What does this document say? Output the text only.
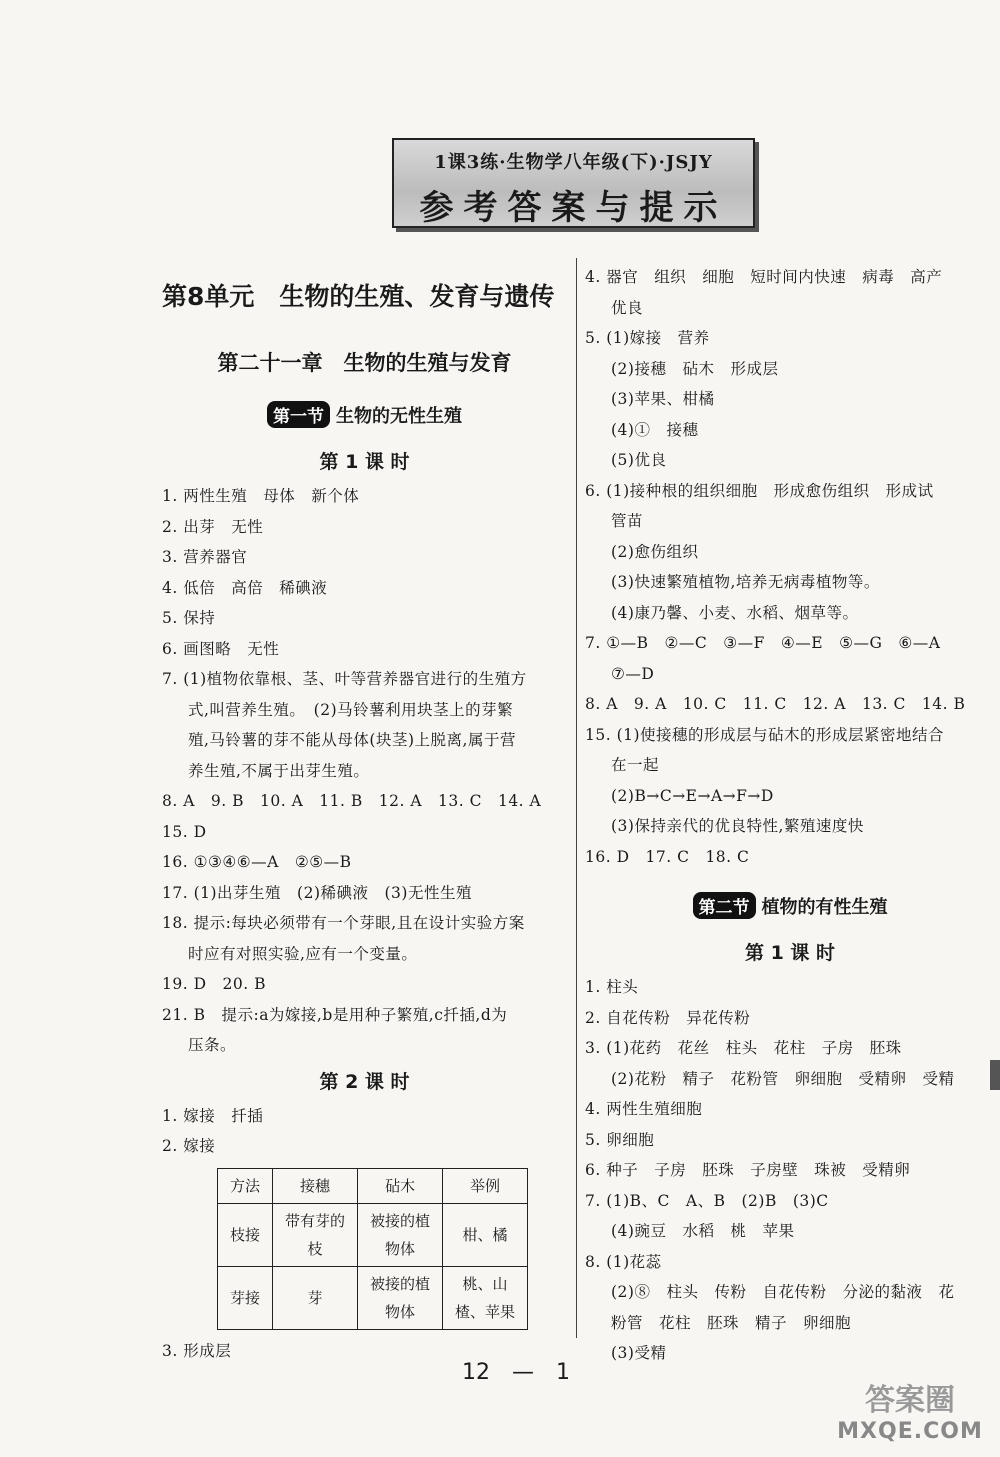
1课3练·生物学八年级(下)·JSJY
参考答案与提示
第8单元　生物的生殖、发育与遗传
第二十一章　生物的生殖与发育
第一节 生物的无性生殖
第 1 课 时
1. 两性生殖　母体　新个体
2. 出芽　无性
3. 营养器官
4. 低倍　高倍　稀碘液
5. 保持
6. 画图略　无性
7. (1)植物依靠根、茎、叶等营养器官进行的生殖方
式,叫营养生殖。　(2)马铃薯利用块茎上的芽繁
殖,马铃薯的芽不能从母体(块茎)上脱离,属于营
养生殖,不属于出芽生殖。
8. A　9. B　10. A　11. B　12. A　13. C　14. A
15. D
16. ①③④⑥—A　②⑤—B
17. (1)出芽生殖　(2)稀碘液　(3)无性生殖
18. 提示:每块必须带有一个芽眼,且在设计实验方案
时应有对照实验,应有一个变量。
19. D　20. B
21. B　提示:a为嫁接,b是用种子繁殖,c扦插,d为
压条。
第 2 课 时
1. 嫁接　扦插
2. 嫁接
方法	接穗	砧木	举例
枝接	带有芽的枝	被接的植物体	柑、橘
芽接	芽	被接的植物体	桃、山楂、苹果
3. 形成层
4. 器官　组织　细胞　短时间内快速　病毒　高产
优良
5. (1)嫁接　营养
(2)接穗　砧木　形成层
(3)苹果、柑橘
(4)①　接穗
(5)优良
6. (1)接种根的组织细胞　形成愈伤组织　形成试
管苗
(2)愈伤组织
(3)快速繁殖植物,培养无病毒植物等。
(4)康乃馨、小麦、水稻、烟草等。
7. ①—B　②—C　③—F　④—E　⑤—G　⑥—A
⑦—D
8. A　9. A　10. C　11. C　12. A　13. C　14. B
15. (1)使接穗的形成层与砧木的形成层紧密地结合
在一起
(2)B→C→E→A→F→D
(3)保持亲代的优良特性,繁殖速度快
16. D　17. C　18. C
第二节 植物的有性生殖
第 1 课 时
1. 柱头
2. 自花传粉　异花传粉
3. (1)花药　花丝　柱头　花柱　子房　胚珠
(2)花粉　精子　花粉管　卵细胞　受精卵　受精
4. 两性生殖细胞
5. 卵细胞
6. 种子　子房　胚珠　子房壁　珠被　受精卵
7. (1)B、C　A、B　(2)B　(3)C
(4)豌豆　水稻　桃　苹果
8. (1)花蕊
(2)⑧　柱头　传粉　自花传粉　分泌的黏液　花
粉管　花柱　胚珠　精子　卵细胞
(3)受精
12　—　1
答案圈
MXQE.COM
